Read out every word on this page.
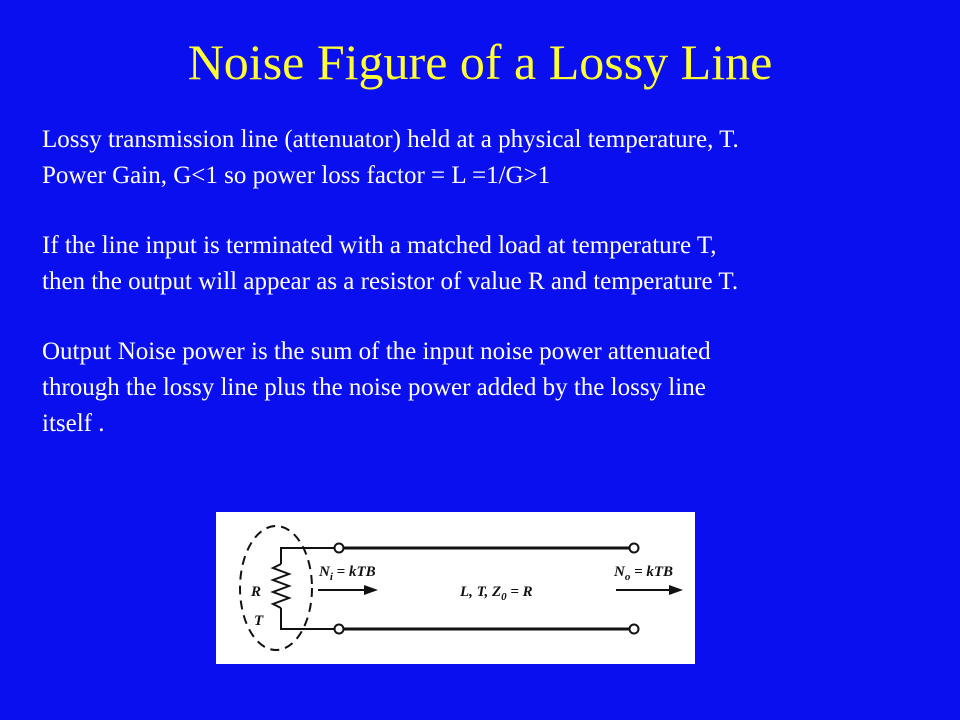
Noise Figure of a Lossy Line

Lossy transmission line (attenuator) held at a physical temperature, T.

Power Gain, G<1 so power loss factor = L =1/G>1

If the line input is terminated with a matched load at temperature T,

then the output will appear as a resistor of value R and temperature T.

Output Noise power is the sum of the input noise power attenuated

through the lossy line plus the noise power added by the lossy line

itself .

R
T
$N_i$ = kTB
L, T, $Z_0 = R$
$N_o$ = kTB
